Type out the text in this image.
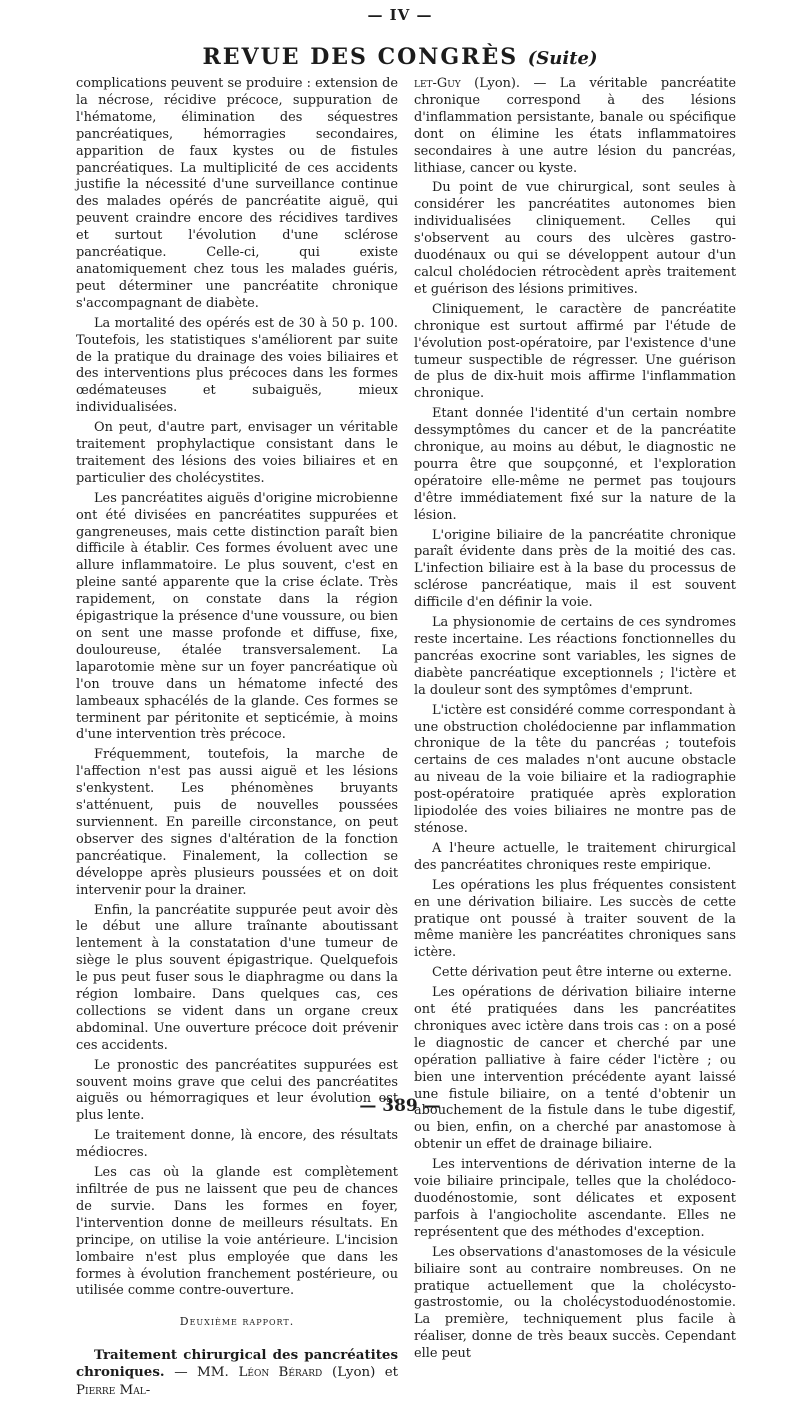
— IV —
REVUE DES CONGRÈS (Suite)

complications peuvent se produire : extension de la nécrose, récidive précoce, suppuration de l'hématome, élimination des séquestres pancréatiques, hémorragies secondaires, apparition de faux kystes ou de fistules pancréatiques. La multiplicité de ces accidents justifie la nécessité d'une surveillance continue des malades opérés de pancréatite aiguë, qui peuvent craindre encore des récidives tardives et surtout l'évolution d'une sclérose pancréatique. Celle-ci, qui existe anatomiquement chez tous les malades guéris, peut déterminer une pancréatite chronique s'accompagnant de diabète.

La mortalité des opérés est de 30 à 50 p. 100. Toutefois, les statistiques s'améliorent par suite de la pratique du drainage des voies biliaires et des interventions plus précoces dans les formes œdémateuses et subaiguës, mieux individualisées.

On peut, d'autre part, envisager un véritable traitement prophylactique consistant dans le traitement des lésions des voies biliaires et en particulier des cholécystites.

Les pancréatites aiguës d'origine microbienne ont été divisées en pancréatites suppurées et gangreneuses, mais cette distinction paraît bien difficile à établir. Ces formes évoluent avec une allure inflammatoire. Le plus souvent, c'est en pleine santé apparente que la crise éclate. Très rapidement, on constate dans la région épigastrique la présence d'une voussure, ou bien on sent une masse profonde et diffuse, fixe, douloureuse, étalée transversalement. La laparotomie mène sur un foyer pancréatique où l'on trouve dans un hématome infecté des lambeaux sphacélés de la glande. Ces formes se terminent par péritonite et septicémie, à moins d'une intervention très précoce.

Fréquemment, toutefois, la marche de l'affection n'est pas aussi aiguë et les lésions s'enkystent. Les phénomènes bruyants s'atténuent, puis de nouvelles poussées surviennent. En pareille circonstance, on peut observer des signes d'altération de la fonction pancréatique. Finalement, la collection se développe après plusieurs poussées et on doit intervenir pour la drainer.

Enfin, la pancréatite suppurée peut avoir dès le début une allure traînante aboutissant lentement à la constatation d'une tumeur de siège le plus souvent épigastrique. Quelquefois le pus peut fuser sous le diaphragme ou dans la région lombaire. Dans quelques cas, ces collections se vident dans un organe creux abdominal. Une ouverture précoce doit prévenir ces accidents.

Le pronostic des pancréatites suppurées est souvent moins grave que celui des pancréatites aiguës ou hémorragiques et leur évolution est plus lente.

Le traitement donne, là encore, des résultats médiocres.

Les cas où la glande est complètement infiltrée de pus ne laissent que peu de chances de survie. Dans les formes en foyer, l'intervention donne de meilleurs résultats. En principe, on utilise la voie antérieure. L'incision lombaire n'est plus employée que dans les formes à évolution franchement postérieure, ou utilisée comme contre-ouverture.

Deuxième rapport.

Traitement chirurgical des pancréatites chroniques. — MM. Léon Bérard (Lyon) et Pierre Mal-

let-Guy (Lyon). — La véritable pancréatite chronique correspond à des lésions d'inflammation persistante, banale ou spécifique dont on élimine les états inflammatoires secondaires à une autre lésion du pancréas, lithiase, cancer ou kyste.

Du point de vue chirurgical, sont seules à considérer les pancréatites autonomes bien individualisées cliniquement. Celles qui s'observent au cours des ulcères gastro-duodénaux ou qui se développent autour d'un calcul cholédocien rétrocèdent après traitement et guérison des lésions primitives.

Cliniquement, le caractère de pancréatite chronique est surtout affirmé par l'étude de l'évolution post-opératoire, par l'existence d'une tumeur suspectible de régresser. Une guérison de plus de dix-huit mois affirme l'inflammation chronique.

Etant donnée l'identité d'un certain nombre dessymptômes du cancer et de la pancréatite chronique, au moins au début, le diagnostic ne pourra être que soupçonné, et l'exploration opératoire elle-même ne permet pas toujours d'être immédiatement fixé sur la nature de la lésion.

L'origine biliaire de la pancréatite chronique paraît évidente dans près de la moitié des cas. L'infection biliaire est à la base du processus de sclérose pancréatique, mais il est souvent difficile d'en définir la voie.

La physionomie de certains de ces syndromes reste incertaine. Les réactions fonctionnelles du pancréas exocrine sont variables, les signes de diabète pancréatique exceptionnels ; l'ictère et la douleur sont des symptômes d'emprunt.

L'ictère est considéré comme correspondant à une obstruction cholédocienne par inflammation chronique de la tête du pancréas ; toutefois certains de ces malades n'ont aucune obstacle au niveau de la voie biliaire et la radiographie post-opératoire pratiquée après exploration lipiodolée des voies biliaires ne montre pas de sténose.

A l'heure actuelle, le traitement chirurgical des pancréatites chroniques reste empirique.

Les opérations les plus fréquentes consistent en une dérivation biliaire. Les succès de cette pratique ont poussé à traiter souvent de la même manière les pancréatites chroniques sans ictère.

Cette dérivation peut être interne ou externe.

Les opérations de dérivation biliaire interne ont été pratiquées dans les pancréatites chroniques avec ictère dans trois cas : on a posé le diagnostic de cancer et cherché par une opération palliative à faire céder l'ictère ; ou bien une intervention précédente ayant laissé une fistule biliaire, on a tenté d'obtenir un abouchement de la fistule dans le tube digestif, ou bien, enfin, on a cherché par anastomose à obtenir un effet de drainage biliaire.

Les interventions de dérivation interne de la voie biliaire principale, telles que la cholédoco-duodénostomie, sont délicates et exposent parfois à l'angiocholite ascendante. Elles ne représentent que des méthodes d'exception.

Les observations d'anastomoses de la vésicule biliaire sont au contraire nombreuses. On ne pratique actuellement que la cholécysto-gastrostomie, ou la cholécystoduodénostomie. La première, techniquement plus facile à réaliser, donne de très beaux succès. Cependant elle peut

— 389 —
